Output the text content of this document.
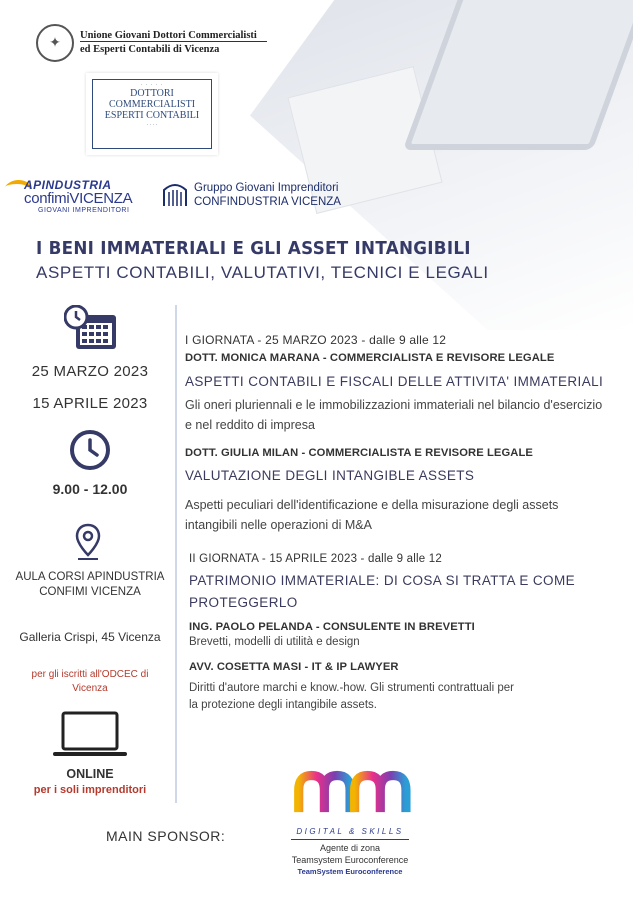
✦	Unione Giovani Dottori Commercialisti
ed Esperti Contabili di Vicenza
· · · · ·
DOTTORI COMMERCIALISTI
ESPERTI CONTABILI
· · · ·
APINDUSTRIA
confimiVICENZA
GIOVANI IMPRENDITORI
Gruppo Giovani Imprenditori
CONFINDUSTRIA VICENZA
I BENI IMMATERIALI E GLI ASSET INTANGIBILI
ASPETTI CONTABILI, VALUTATIVI, TECNICI E LEGALI
25 MARZO 2023
15 APRILE 2023
9.00 - 12.00
AULA CORSI APINDUSTRIA CONFIMI VICENZA
Galleria Crispi, 45 Vicenza
per gli iscritti all'ODCEC di Vicenza
ONLINE
per i soli imprenditori
I GIORNATA - 25 MARZO 2023 - dalle 9 alle 12
DOTT. MONICA MARANA - COMMERCIALISTA E REVISORE LEGALE
ASPETTI CONTABILI E FISCALI DELLE ATTIVITA' IMMATERIALI
Gli oneri pluriennali e le immobilizzazioni immateriali nel bilancio d'esercizio e nel reddito di impresa
DOTT. GIULIA MILAN - COMMERCIALISTA E REVISORE LEGALE
VALUTAZIONE DEGLI INTANGIBLE ASSETS
Aspetti peculiari dell'identificazione e della misurazione degli assets intangibili nelle operazioni di M&A
II GIORNATA - 15 APRILE 2023 - dalle 9 alle 12
PATRIMONIO IMMATERIALE: DI COSA SI TRATTA E COME
PROTEGGERLO
ING. PAOLO PELANDA - CONSULENTE IN BREVETTI
Brevetti, modelli di utilità e design
AVV. COSETTA MASI - IT & IP LAWYER
Diritti d'autore marchi e know.-how. Gli strumenti contrattuali per
la protezione degli intangibile assets.
MAIN SPONSOR:	DIGITAL & SKILLS
Agente di zona
Teamsystem Euroconference
TeamSystem Euroconference
